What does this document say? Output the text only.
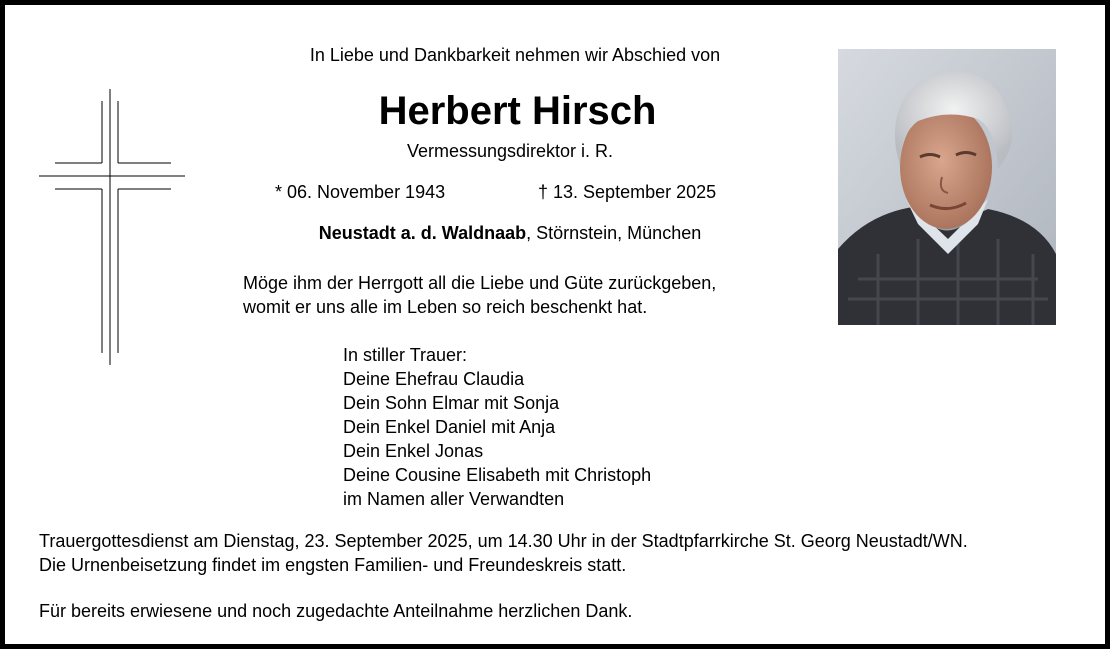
In Liebe und Dankbarkeit nehmen wir Abschied von
Herbert Hirsch
Vermessungsdirektor i. R.
* 06. November 1943	† 13. September 2025
Neustadt a. d. Waldnaab, Störnstein, München
Möge ihm der Herrgott all die Liebe und Güte zurückgeben,
womit er uns alle im Leben so reich beschenkt hat.
In stiller Trauer:
Deine Ehefrau Claudia
Dein Sohn Elmar mit Sonja
Dein Enkel Daniel mit Anja
Dein Enkel Jonas
Deine Cousine Elisabeth mit Christoph
im Namen aller Verwandten
Trauergottesdienst am Dienstag, 23. September 2025, um 14.30 Uhr in der Stadtpfarrkirche St. Georg Neustadt/WN.
Die Urnenbeisetzung findet im engsten Familien- und Freundeskreis statt.
Für bereits erwiesene und noch zugedachte Anteilnahme herzlichen Dank.
